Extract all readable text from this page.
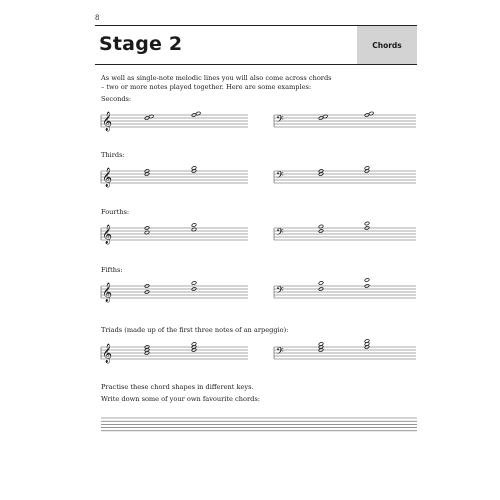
8
Stage 2	Chords
As well as single-note melodic lines you will also come across chords
– two or more notes played together. Here are some examples:
Seconds:
Thirds:
Fourths:
Fifths:
Triads (made up of the first three notes of an arpeggio):
Practise these chord shapes in different keys.
Write down some of your own favourite chords:
𝄞	𝄢
𝄞	𝄢
𝄞	𝄢
𝄞	𝄢
𝄞	𝄢
